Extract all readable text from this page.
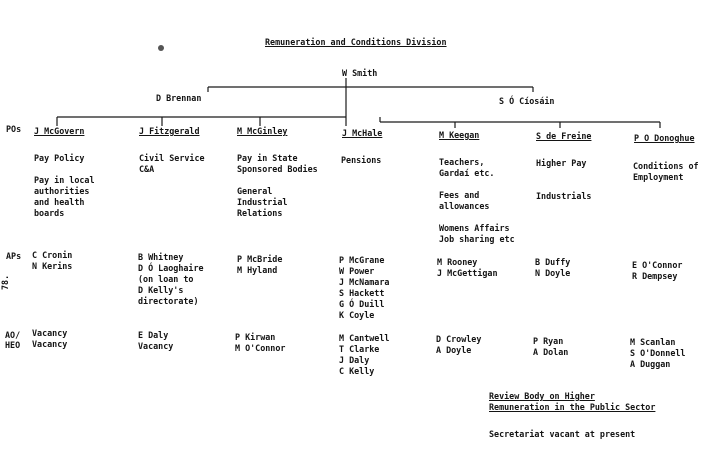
Remuneration and Conditions Division
W Smith
D Brennan	S Ó Cíosáin
POs
APs
AO/
HEO
78.
J McGovern
Pay Policy

Pay in local
authorities
and health
boards
C Cronin
N Kerins
Vacancy
Vacancy
J Fitzgerald
Civil Service
C&A
B Whitney
D Ó Laoghaire
(on loan to
D Kelly's
directorate)
E Daly
Vacancy
M McGinley
Pay in State
Sponsored Bodies

General
Industrial
Relations
P McBride
M Hyland
P Kirwan
M O'Connor
J McHale
Pensions
P McGrane
W Power
J McNamara
S Hackett
G Ó Duill
K Coyle
M Cantwell
T Clarke
J Daly
C Kelly
M Keegan
Teachers,
Gardaí etc.

Fees and
allowances

Womens Affairs
Job sharing etc
M Rooney
J McGettigan
D Crowley
A Doyle
S de Freine
Higher Pay

Industrials
B Duffy
N Doyle
P Ryan
A Dolan
P O Donoghue
Conditions of
Employment
E O'Connor
R Dempsey
M Scanlan
S O'Donnell
A Duggan
Review Body on Higher
Remuneration in the Public Sector
Secretariat vacant at present
